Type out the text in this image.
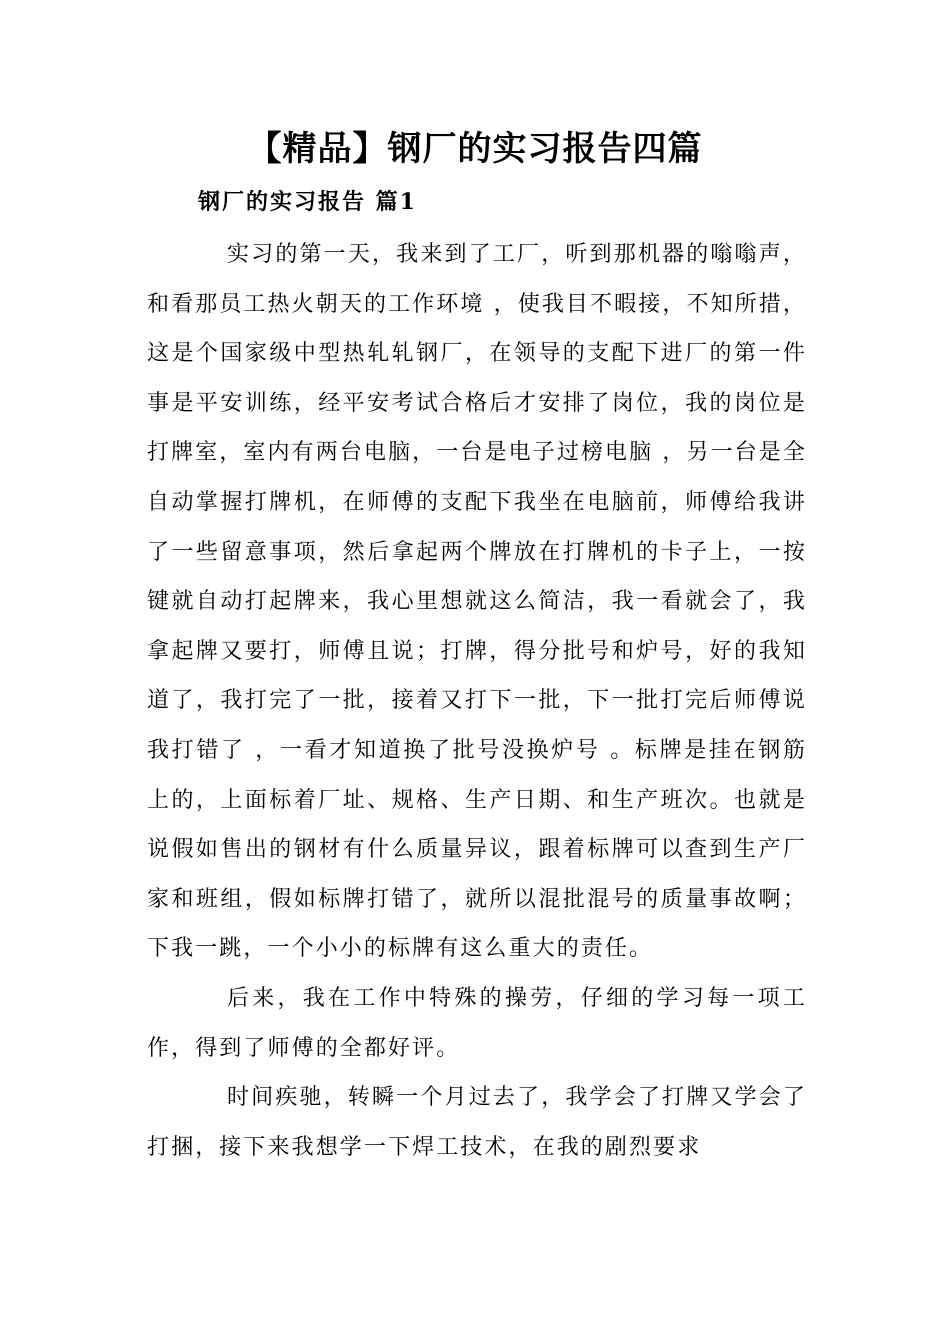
【精品】钢厂的实习报告四篇
钢厂的实习报告 篇1

实习的第一天，我来到了工厂，听到那机器的嗡嗡声，和看那员工热火朝天的工作环境 ，使我目不暇接，不知所措，这是个国家级中型热轧轧钢厂，在领导的支配下进厂的第一件事是平安训练，经平安考试合格后才安排了岗位，我的岗位是打牌室，室内有两台电脑，一台是电子过榜电脑 ，另一台是全自动掌握打牌机，在师傅的支配下我坐在电脑前，师傅给我讲了一些留意事项，然后拿起两个牌放在打牌机的卡子上，一按键就自动打起牌来，我心里想就这么简洁，我一看就会了，我拿起牌又要打，师傅且说；打牌，得分批号和炉号，好的我知道了，我打完了一批，接着又打下一批，下一批打完后师傅说我打错了 ，一看才知道换了批号没换炉号 。标牌是挂在钢筋上的，上面标着厂址、规格、生产日期、和生产班次。也就是说假如售出的钢材有什么质量异议，跟着标牌可以查到生产厂家和班组，假如标牌打错了，就所以混批混号的质量事故啊；下我一跳，一个小小的标牌有这么重大的责任。

后来，我在工作中特殊的操劳，仔细的学习每一项工作，得到了师傅的全都好评。

时间疾驰，转瞬一个月过去了，我学会了打牌又学会了打捆，接下来我想学一下焊工技术，在我的剧烈要求
